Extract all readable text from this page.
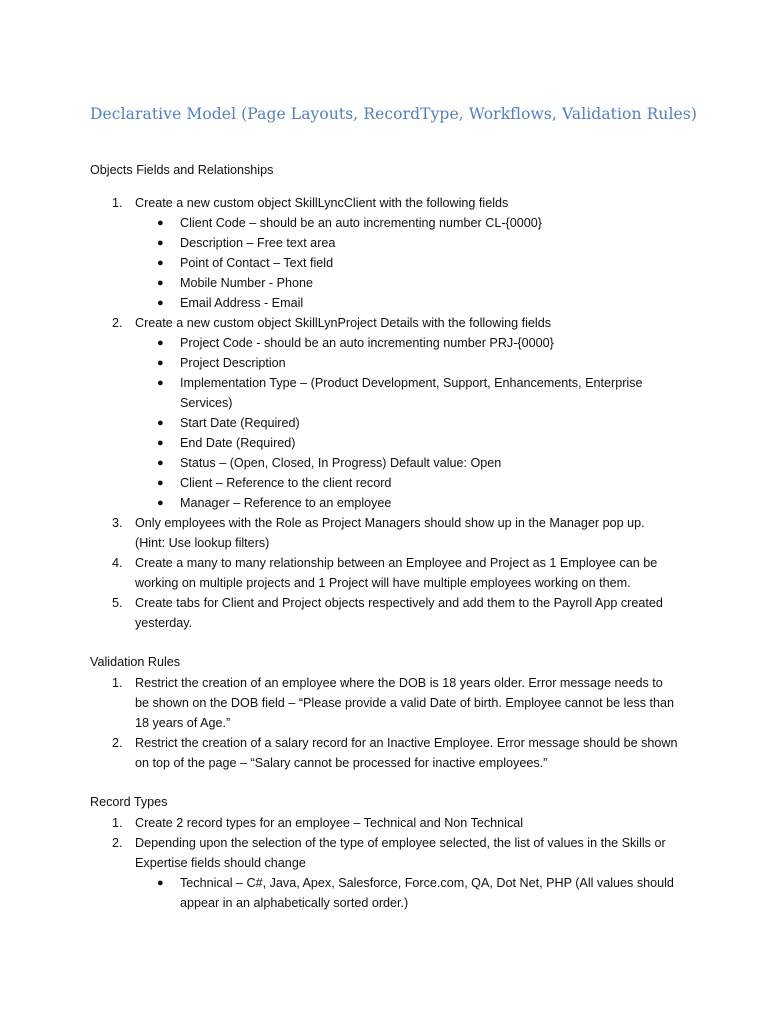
Declarative Model (Page Layouts, RecordType, Workflows, Validation Rules)

Objects Fields and Relationships

1. Create a new custom object SkillLyncClient with the following fields

● Client Code – should be an auto incrementing number CL-{0000}

● Description – Free text area

● Point of Contact – Text field

● Mobile Number - Phone

● Email Address - Email

2. Create a new custom object SkillLynProject Details with the following fields

● Project Code - should be an auto incrementing number PRJ-{0000}

● Project Description

● Implementation Type – (Product Development, Support, Enhancements, Enterprise

Services)

● Start Date (Required)

● End Date (Required)

● Status – (Open, Closed, In Progress) Default value: Open

● Client – Reference to the client record

● Manager – Reference to an employee

3. Only employees with the Role as Project Managers should show up in the Manager pop up.

(Hint: Use lookup filters)

4. Create a many to many relationship between an Employee and Project as 1 Employee can be

working on multiple projects and 1 Project will have multiple employees working on them.

5. Create tabs for Client and Project objects respectively and add them to the Payroll App created

yesterday.

Validation Rules

1. Restrict the creation of an employee where the DOB is 18 years older. Error message needs to

be shown on the DOB field – “Please provide a valid Date of birth. Employee cannot be less than

18 years of Age.”

2. Restrict the creation of a salary record for an Inactive Employee. Error message should be shown

on top of the page – “Salary cannot be processed for inactive employees.”

Record Types

1. Create 2 record types for an employee – Technical and Non Technical

2. Depending upon the selection of the type of employee selected, the list of values in the Skills or

Expertise fields should change

● Technical – C#, Java, Apex, Salesforce, Force.com, QA, Dot Net, PHP (All values should

appear in an alphabetically sorted order.)
